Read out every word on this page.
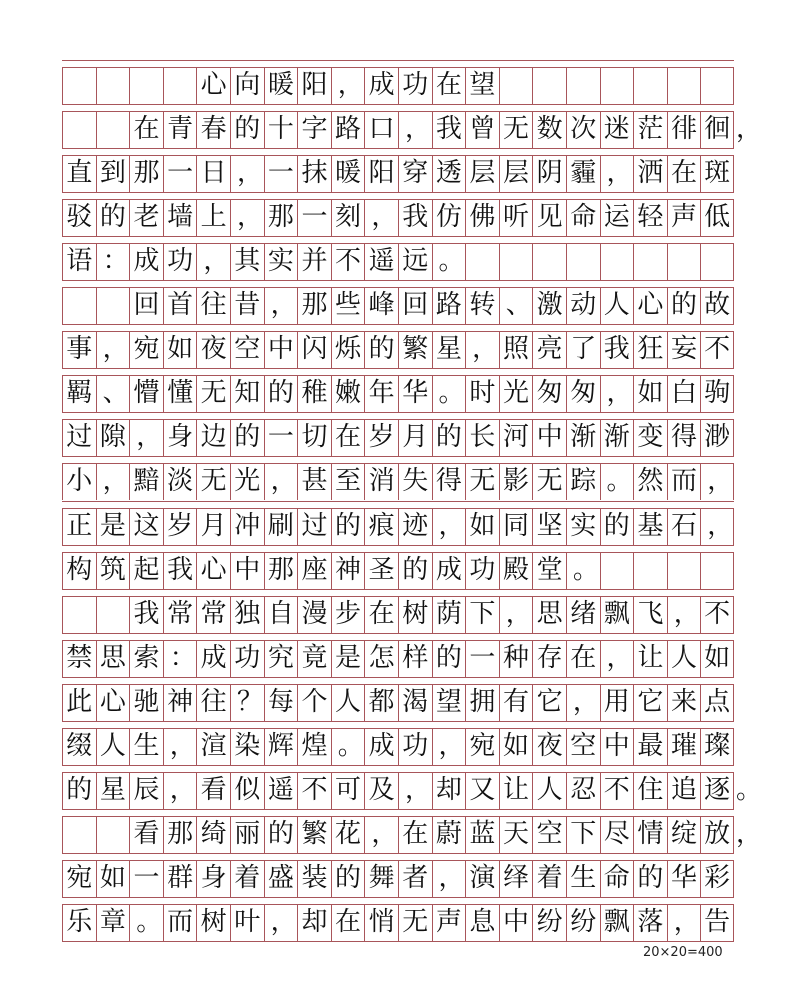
心 向 暖 阳 ， 成 功 在 望
在 青 春 的 十 字 路 口 ， 我 曾 无 数 次 迷 茫 徘 徊 ，
直 到 那 一 日 ， 一 抹 暖 阳 穿 透 层 层 阴 霾 ， 洒 在 斑
驳 的 老 墙 上 ， 那 一 刻 ， 我 仿 佛 听 见 命 运 轻 声 低
语 ： 成 功 ， 其 实 并 不 遥 远 。
回 首 往 昔 ， 那 些 峰 回 路 转 、 激 动 人 心 的 故
事 ， 宛 如 夜 空 中 闪 烁 的 繁 星 ， 照 亮 了 我 狂 妄 不
羁 、 懵 懂 无 知 的 稚 嫩 年 华 。 时 光 匆 匆 ， 如 白 驹
过 隙 ， 身 边 的 一 切 在 岁 月 的 长 河 中 渐 渐 变 得 渺
小 ， 黯 淡 无 光 ， 甚 至 消 失 得 无 影 无 踪 。 然 而 ，
正 是 这 岁 月 冲 刷 过 的 痕 迹 ， 如 同 坚 实 的 基 石 ，
构 筑 起 我 心 中 那 座 神 圣 的 成 功 殿 堂 。
我 常 常 独 自 漫 步 在 树 荫 下 ， 思 绪 飘 飞 ， 不
禁 思 索 ： 成 功 究 竟 是 怎 样 的 一 种 存 在 ， 让 人 如
此 心 驰 神 往 ？ 每 个 人 都 渴 望 拥 有 它 ， 用 它 来 点
缀 人 生 ， 渲 染 辉 煌 。 成 功 ， 宛 如 夜 空 中 最 璀 璨
的 星 辰 ， 看 似 遥 不 可 及 ， 却 又 让 人 忍 不 住 追 逐 。
看 那 绮 丽 的 繁 花 ， 在 蔚 蓝 天 空 下 尽 情 绽 放 ，
宛 如 一 群 身 着 盛 装 的 舞 者 ， 演 绎 着 生 命 的 华 彩
乐 章 。 而 树 叶 ， 却 在 悄 无 声 息 中 纷 纷 飘 落 ， 告
20×20=400
